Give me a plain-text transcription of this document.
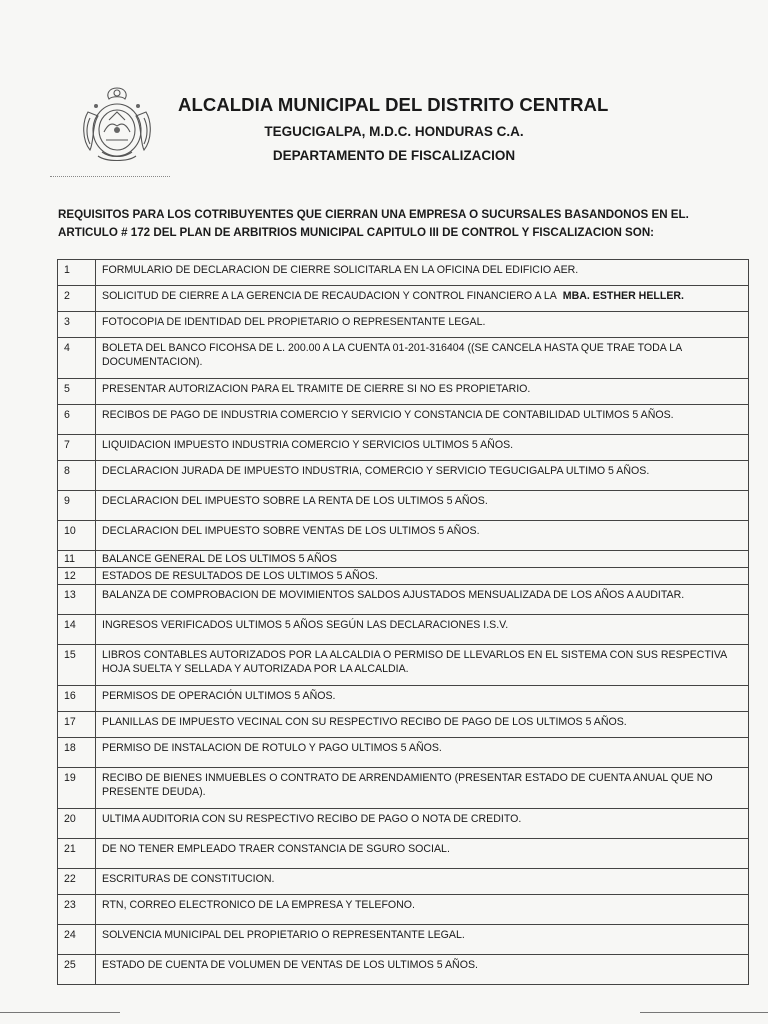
ALCALDIA MUNICIPAL DEL DISTRITO CENTRAL
TEGUCIGALPA, M.D.C. HONDURAS C.A.
DEPARTAMENTO DE FISCALIZACION
REQUISITOS PARA LOS COTRIBUYENTES QUE CIERRAN UNA EMPRESA O SUCURSALES BASANDONOS EN EL.
ARTICULO # 172 DEL PLAN DE ARBITRIOS MUNICIPAL CAPITULO III DE CONTROL Y FISCALIZACION SON:
1	FORMULARIO DE DECLARACION DE CIERRE SOLICITARLA EN LA OFICINA DEL EDIFICIO AER.
2	SOLICITUD DE CIERRE A LA GERENCIA DE RECAUDACION Y CONTROL FINANCIERO A LA MBA. ESTHER HELLER.
3	FOTOCOPIA DE IDENTIDAD DEL PROPIETARIO O REPRESENTANTE LEGAL.
4	BOLETA DEL BANCO FICOHSA DE L. 200.00 A LA CUENTA 01-201-316404 ((SE CANCELA HASTA QUE TRAE TODA LA DOCUMENTACION).
5	PRESENTAR AUTORIZACION PARA EL TRAMITE DE CIERRE SI NO ES PROPIETARIO.
6	RECIBOS DE PAGO DE INDUSTRIA COMERCIO Y SERVICIO Y CONSTANCIA DE CONTABILIDAD ULTIMOS 5 AÑOS.
7	LIQUIDACION IMPUESTO INDUSTRIA COMERCIO Y SERVICIOS ULTIMOS 5 AÑOS.
8	DECLARACION JURADA DE IMPUESTO INDUSTRIA, COMERCIO Y SERVICIO TEGUCIGALPA ULTIMO 5 AÑOS.
9	DECLARACION DEL IMPUESTO SOBRE LA RENTA DE LOS ULTIMOS 5 AÑOS.
10	DECLARACION DEL IMPUESTO SOBRE VENTAS DE LOS ULTIMOS 5 AÑOS.
11	BALANCE GENERAL DE LOS ULTIMOS 5 AÑOS
12	ESTADOS DE RESULTADOS DE LOS ULTIMOS 5 AÑOS.
13	BALANZA DE COMPROBACION DE MOVIMIENTOS SALDOS AJUSTADOS MENSUALIZADA DE LOS AÑOS A AUDITAR.
14	INGRESOS VERIFICADOS ULTIMOS 5 AÑOS SEGÚN LAS DECLARACIONES I.S.V.
15	LIBROS CONTABLES AUTORIZADOS POR LA ALCALDIA O PERMISO DE LLEVARLOS EN EL SISTEMA CON SUS RESPECTIVA HOJA SUELTA Y SELLADA Y AUTORIZADA POR LA ALCALDIA.
16	PERMISOS DE OPERACIÓN ULTIMOS 5 AÑOS.
17	PLANILLAS DE IMPUESTO VECINAL CON SU RESPECTIVO RECIBO DE PAGO DE LOS ULTIMOS 5 AÑOS.
18	PERMISO DE INSTALACION DE ROTULO Y PAGO ULTIMOS 5 AÑOS.
19	RECIBO DE BIENES INMUEBLES O CONTRATO DE ARRENDAMIENTO (PRESENTAR ESTADO DE CUENTA ANUAL QUE NO PRESENTE DEUDA).
20	ULTIMA AUDITORIA CON SU RESPECTIVO RECIBO DE PAGO O NOTA DE CREDITO.
21	DE NO TENER EMPLEADO TRAER CONSTANCIA DE SGURO SOCIAL.
22	ESCRITURAS DE CONSTITUCION.
23	RTN, CORREO ELECTRONICO DE LA EMPRESA Y TELEFONO.
24	SOLVENCIA MUNICIPAL DEL PROPIETARIO O REPRESENTANTE LEGAL.
25	ESTADO DE CUENTA DE VOLUMEN DE VENTAS DE LOS ULTIMOS 5 AÑOS.
